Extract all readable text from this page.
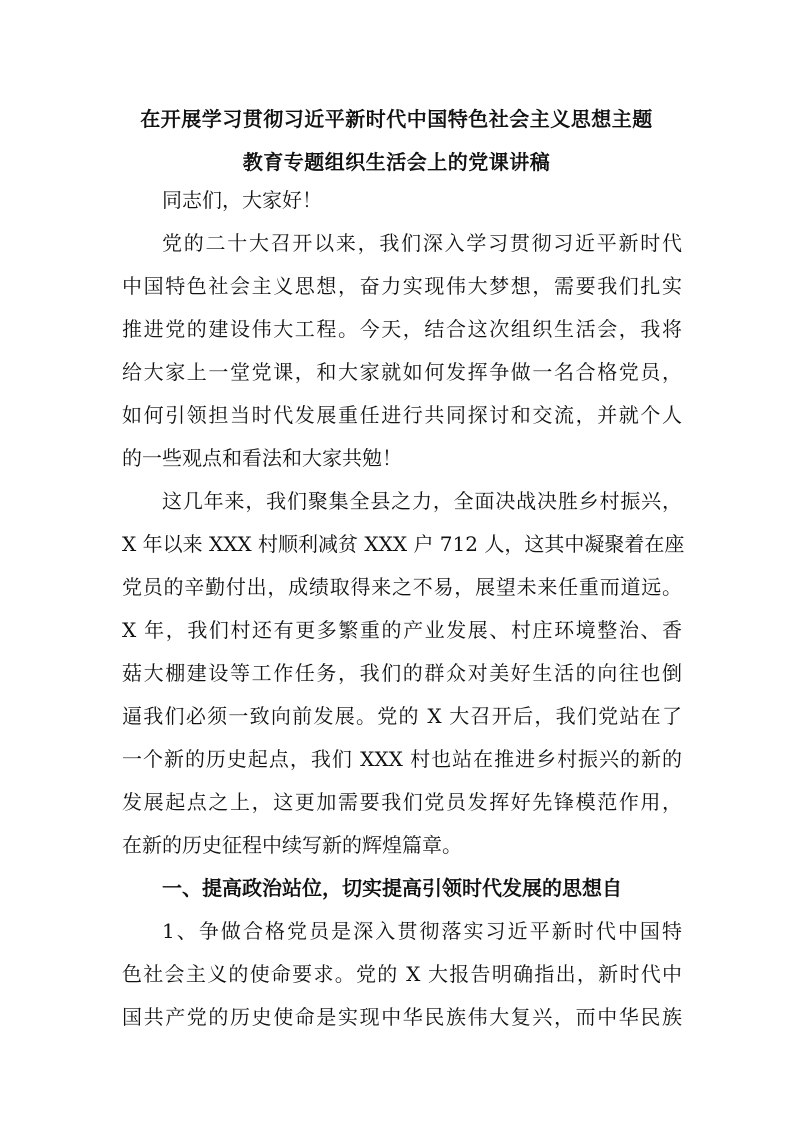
在开展学习贯彻习近平新时代中国特色社会主义思想主题
教育专题组织生活会上的党课讲稿
同志们，大家好！
党的二十大召开以来，我们深入学习贯彻习近平新时代
中国特色社会主义思想，奋力实现伟大梦想，需要我们扎实
推进党的建设伟大工程。今天，结合这次组织生活会，我将
给大家上一堂党课，和大家就如何发挥争做一名合格党员，
如何引领担当时代发展重任进行共同探讨和交流，并就个人
的一些观点和看法和大家共勉！
这几年来，我们聚集全县之力，全面决战决胜乡村振兴，
X 年以来 XXX 村顺利减贫 XXX 户 712 人，这其中凝聚着在座
党员的辛勤付出，成绩取得来之不易，展望未来任重而道远。
X 年，我们村还有更多繁重的产业发展、村庄环境整治、香
菇大棚建设等工作任务，我们的群众对美好生活的向往也倒
逼我们必须一致向前发展。党的 X 大召开后，我们党站在了
一个新的历史起点，我们 XXX 村也站在推进乡村振兴的新的
发展起点之上，这更加需要我们党员发挥好先锋模范作用，
在新的历史征程中续写新的辉煌篇章。
一、提高政治站位，切实提高引领时代发展的思想自
1、争做合格党员是深入贯彻落实习近平新时代中国特
色社会主义的使命要求。党的 X 大报告明确指出，新时代中
国共产党的历史使命是实现中华民族伟大复兴，而中华民族
